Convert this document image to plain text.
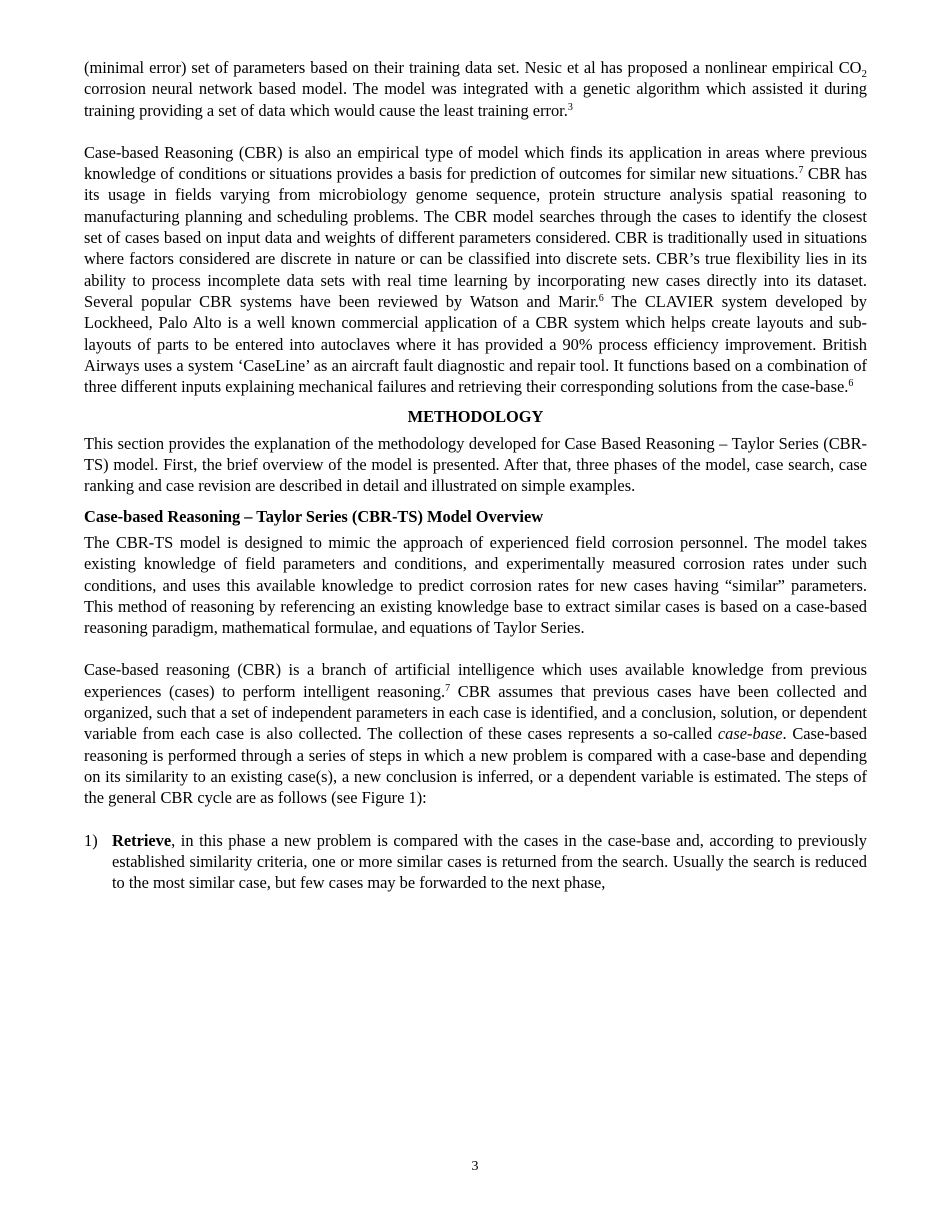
(minimal error) set of parameters based on their training data set. Nesic et al has proposed a nonlinear empirical $CO_2$ corrosion neural network based model. The model was integrated with a genetic algorithm which assisted it during training providing a set of data which would cause the least training error.$^3$

Case-based Reasoning (CBR) is also an empirical type of model which finds its application in areas where previous knowledge of conditions or situations provides a basis for prediction of outcomes for similar new situations.$^7$ CBR has its usage in fields varying from microbiology genome sequence, protein structure analysis spatial reasoning to manufacturing planning and scheduling problems. The CBR model searches through the cases to identify the closest set of cases based on input data and weights of different parameters considered. CBR is traditionally used in situations where factors considered are discrete in nature or can be classified into discrete sets. CBR’s true flexibility lies in its ability to process incomplete data sets with real time learning by incorporating new cases directly into its dataset. Several popular CBR systems have been reviewed by Watson and Marir.$^6$ The CLAVIER system developed by Lockheed, Palo Alto is a well known commercial application of a CBR system which helps create layouts and sub-layouts of parts to be entered into autoclaves where it has provided a 90% process efficiency improvement. British Airways uses a system ‘CaseLine’ as an aircraft fault diagnostic and repair tool. It functions based on a combination of three different inputs explaining mechanical failures and retrieving their corresponding solutions from the case-base.$^6$

METHODOLOGY

This section provides the explanation of the methodology developed for Case Based Reasoning – Taylor Series (CBR-TS) model. First, the brief overview of the model is presented. After that, three phases of the model, case search, case ranking and case revision are described in detail and illustrated on simple examples.

Case-based Reasoning – Taylor Series (CBR-TS) Model Overview

The CBR-TS model is designed to mimic the approach of experienced field corrosion personnel. The model takes existing knowledge of field parameters and conditions, and experimentally measured corrosion rates under such conditions, and uses this available knowledge to predict corrosion rates for new cases having “similar” parameters. This method of reasoning by referencing an existing knowledge base to extract similar cases is based on a case-based reasoning paradigm, mathematical formulae, and equations of Taylor Series.

Case-based reasoning (CBR) is a branch of artificial intelligence which uses available knowledge from previous experiences (cases) to perform intelligent reasoning.$^7$ CBR assumes that previous cases have been collected and organized, such that a set of independent parameters in each case is identified, and a conclusion, solution, or dependent variable from each case is also collected. The collection of these cases represents a so-called case-base. Case-based reasoning is performed through a series of steps in which a new problem is compared with a case-base and depending on its similarity to an existing case(s), a new conclusion is inferred, or a dependent variable is estimated. The steps of the general CBR cycle are as follows (see Figure 1):

1) Retrieve, in this phase a new problem is compared with the cases in the case-base and, according to previously established similarity criteria, one or more similar cases is returned from the search. Usually the search is reduced to the most similar case, but few cases may be forwarded to the next phase,
3
